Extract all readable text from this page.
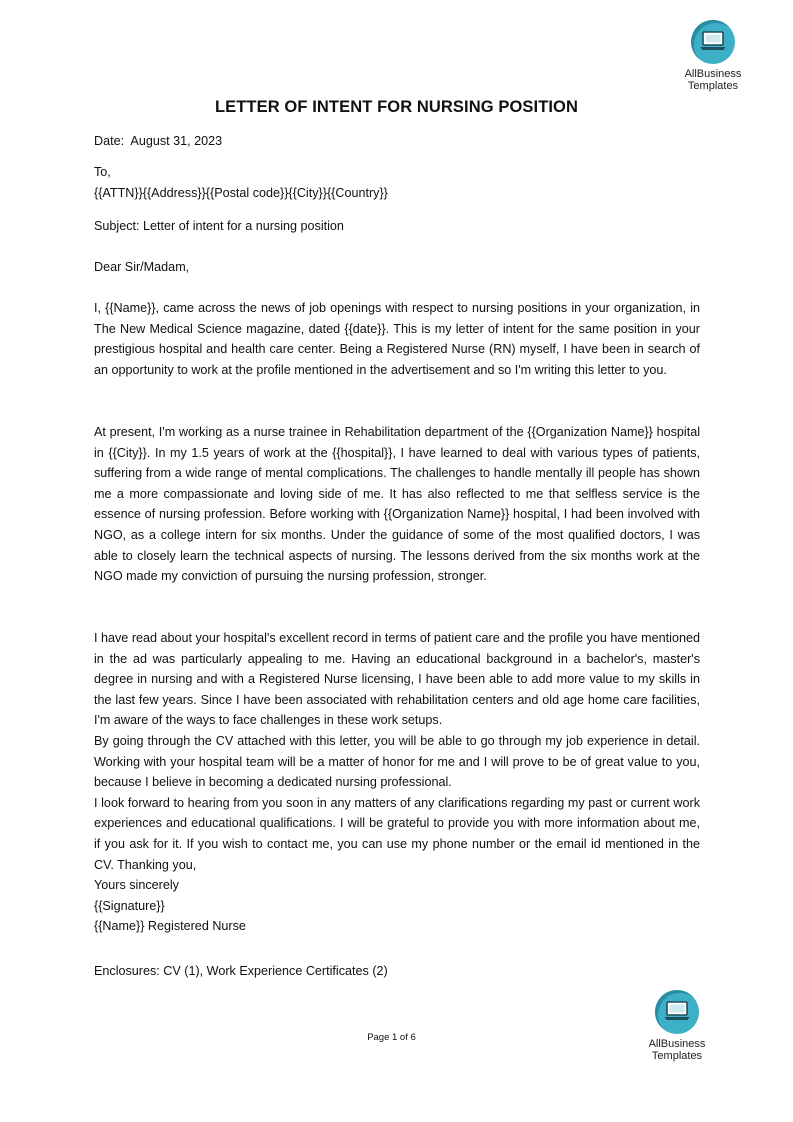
AllBusiness
Templates
LETTER OF INTENT FOR NURSING POSITION
Date: August 31, 2023
To,
{{ATTN}}{{Address}}{{Postal code}}{{City}}{{Country}}
Subject: Letter of intent for a nursing position
Dear Sir/Madam,

I, {{Name}}, came across the news of job openings with respect to nursing positions in your organization, in The New Medical Science magazine, dated {{date}}. This is my letter of intent for the same position in your prestigious hospital and health care center. Being a Registered Nurse (RN) myself, I have been in search of an opportunity to work at the profile mentioned in the advertisement and so I'm writing this letter to you.

At present, I'm working as a nurse trainee in Rehabilitation department of the {{Organization Name}} hospital in {{City}}. In my 1.5 years of work at the {{hospital}}, I have learned to deal with various types of patients, suffering from a wide range of mental complications. The challenges to handle mentally ill people has shown me a more compassionate and loving side of me. It has also reflected to me that selfless service is the essence of nursing profession. Before working with {{Organization Name}} hospital, I had been involved with NGO, as a college intern for six months. Under the guidance of some of the most qualified doctors, I was able to closely learn the technical aspects of nursing. The lessons derived from the six months work at the NGO made my conviction of pursuing the nursing profession, stronger.

I have read about your hospital's excellent record in terms of patient care and the profile you have mentioned in the ad was particularly appealing to me. Having an educational background in a bachelor's, master's degree in nursing and with a Registered Nurse licensing, I have been able to add more value to my skills in the last few years. Since I have been associated with rehabilitation centers and old age home care facilities, I'm aware of the ways to face challenges in these work setups.

By going through the CV attached with this letter, you will be able to go through my job experience in detail. Working with your hospital team will be a matter of honor for me and I will prove to be of great value to you, because I believe in becoming a dedicated nursing professional.

I look forward to hearing from you soon in any matters of any clarifications regarding my past or current work experiences and educational qualifications. I will be grateful to provide you with more information about me, if you ask for it. If you wish to contact me, you can use my phone number or the email id mentioned in the CV. Thanking you,

Yours sincerely
{{Signature}}
{{Name}} Registered Nurse
Enclosures: CV (1), Work Experience Certificates (2)
Page 1 of 6
AllBusiness
Templates
